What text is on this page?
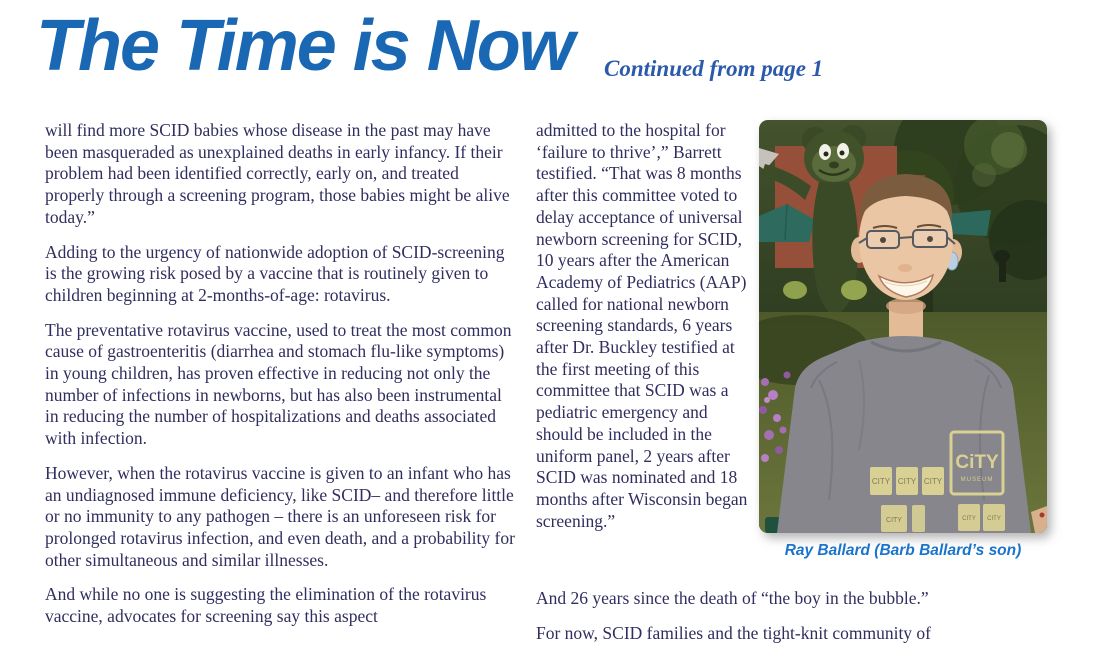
The Time is Now Continued from page 1

will find more SCID babies whose disease in the past may have been masqueraded as unexplained deaths in early infancy. If their problem had been identified correctly, early on, and treated properly through a screening program, those babies might be alive today.”

Adding to the urgency of nationwide adoption of SCID-screening is the growing risk posed by a vaccine that is routinely given to children beginning at 2-months-of-age: rotavirus.

The preventative rotavirus vaccine, used to treat the most common cause of gastroenteritis (diarrhea and stomach flu-like symptoms) in young children, has proven effective in reducing not only the number of infections in newborns, but has also been instrumental in reducing the number of hospitalizations and deaths associated with infection.

However, when the rotavirus vaccine is given to an infant who has an undiagnosed immune deficiency, like SCID– and therefore little or no immunity to any pathogen – there is an unforeseen risk for prolonged rotavirus infection, and even death, and a probability for other simultaneous and similar illnesses.

And while no one is suggesting the elimination of the rotavirus vaccine, advocates for screening say this aspect

admitted to the hospital for ‘failure to thrive’,” Barrett testified. “That was 8 months after this committee voted to delay acceptance of universal newborn screening for SCID, 10 years after the American Academy of Pediatrics (AAP) called for national newborn screening standards, 6 years after Dr. Buckley testified at the first meeting of this committee that SCID was a pediatric emergency and should be included in the uniform panel, 2 years after SCID was nominated and 18 months after Wisconsin began screening.”

And 26 years since the death of “the boy in the bubble.”

For now, SCID families and the tight-knit community of

CITY CITY CITY
CiTY
MUSEUM
CITY	CITY CITY
Ray Ballard (Barb Ballard’s son)
